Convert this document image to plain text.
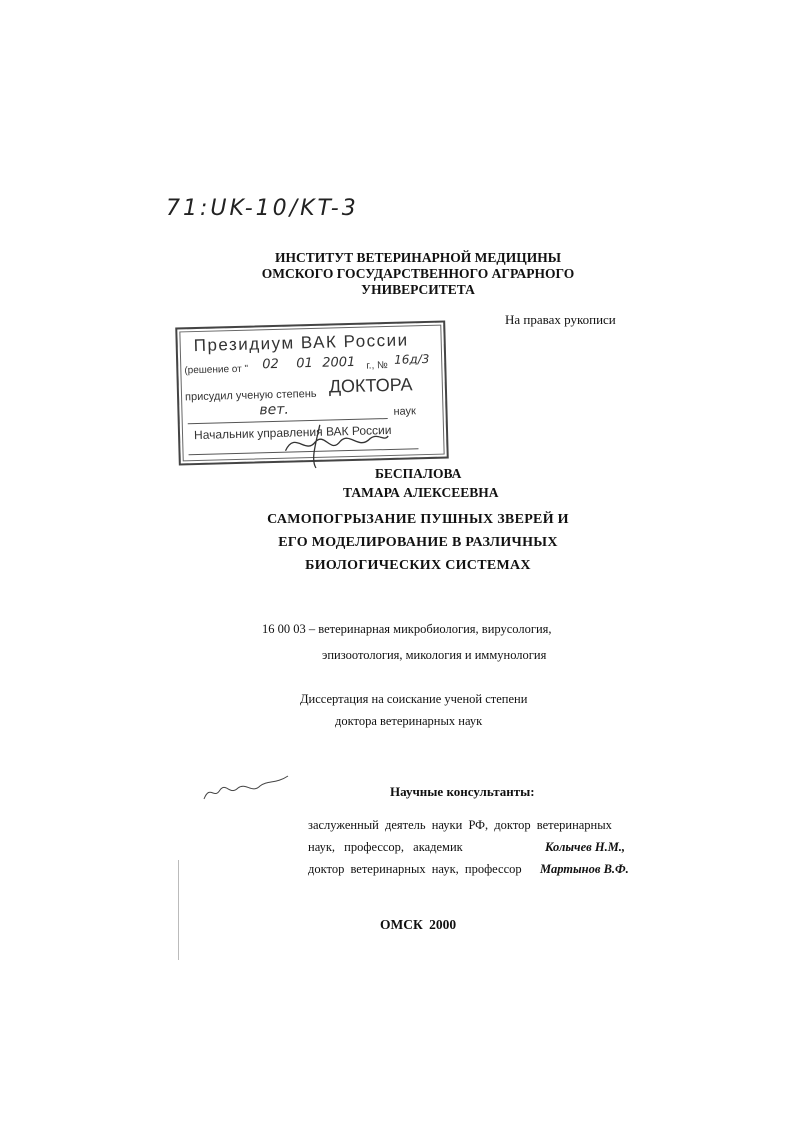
71:UK-10/KT-3
ИНСТИТУТ ВЕТЕРИНАРНОЙ МЕДИЦИНЫ
ОМСКОГО ГОСУДАРСТВЕННОГО АГРАРНОГО
УНИВЕРСИТЕТА
На правах рукописи
Президиум ВАК России
(решение от " 02 01 2001 г., № 16д/3
присудил ученую степень ДОКТОРА
вет.	наук
Начальник управления ВАК России
БЕСПАЛОВА
ТАМАРА АЛЕКСЕЕВНА
САМОПОГРЫЗАНИЕ ПУШНЫХ ЗВЕРЕЙ И
ЕГО МОДЕЛИРОВАНИЕ В РАЗЛИЧНЫХ
БИОЛОГИЧЕСКИХ СИСТЕМАХ
16 00 03 – ветеринарная микробиология, вирусология,
эпизоотология, микология и иммунология
Диссертация на соискание ученой степени
доктора ветеринарных наук
Научные консультанты:
заслуженный деятель науки РФ, доктор ветеринарных
наук, профессор, академик	Колычев Н.М.,
доктор ветеринарных наук, профессор Мартынов В.Ф.
ОМСК 2000
